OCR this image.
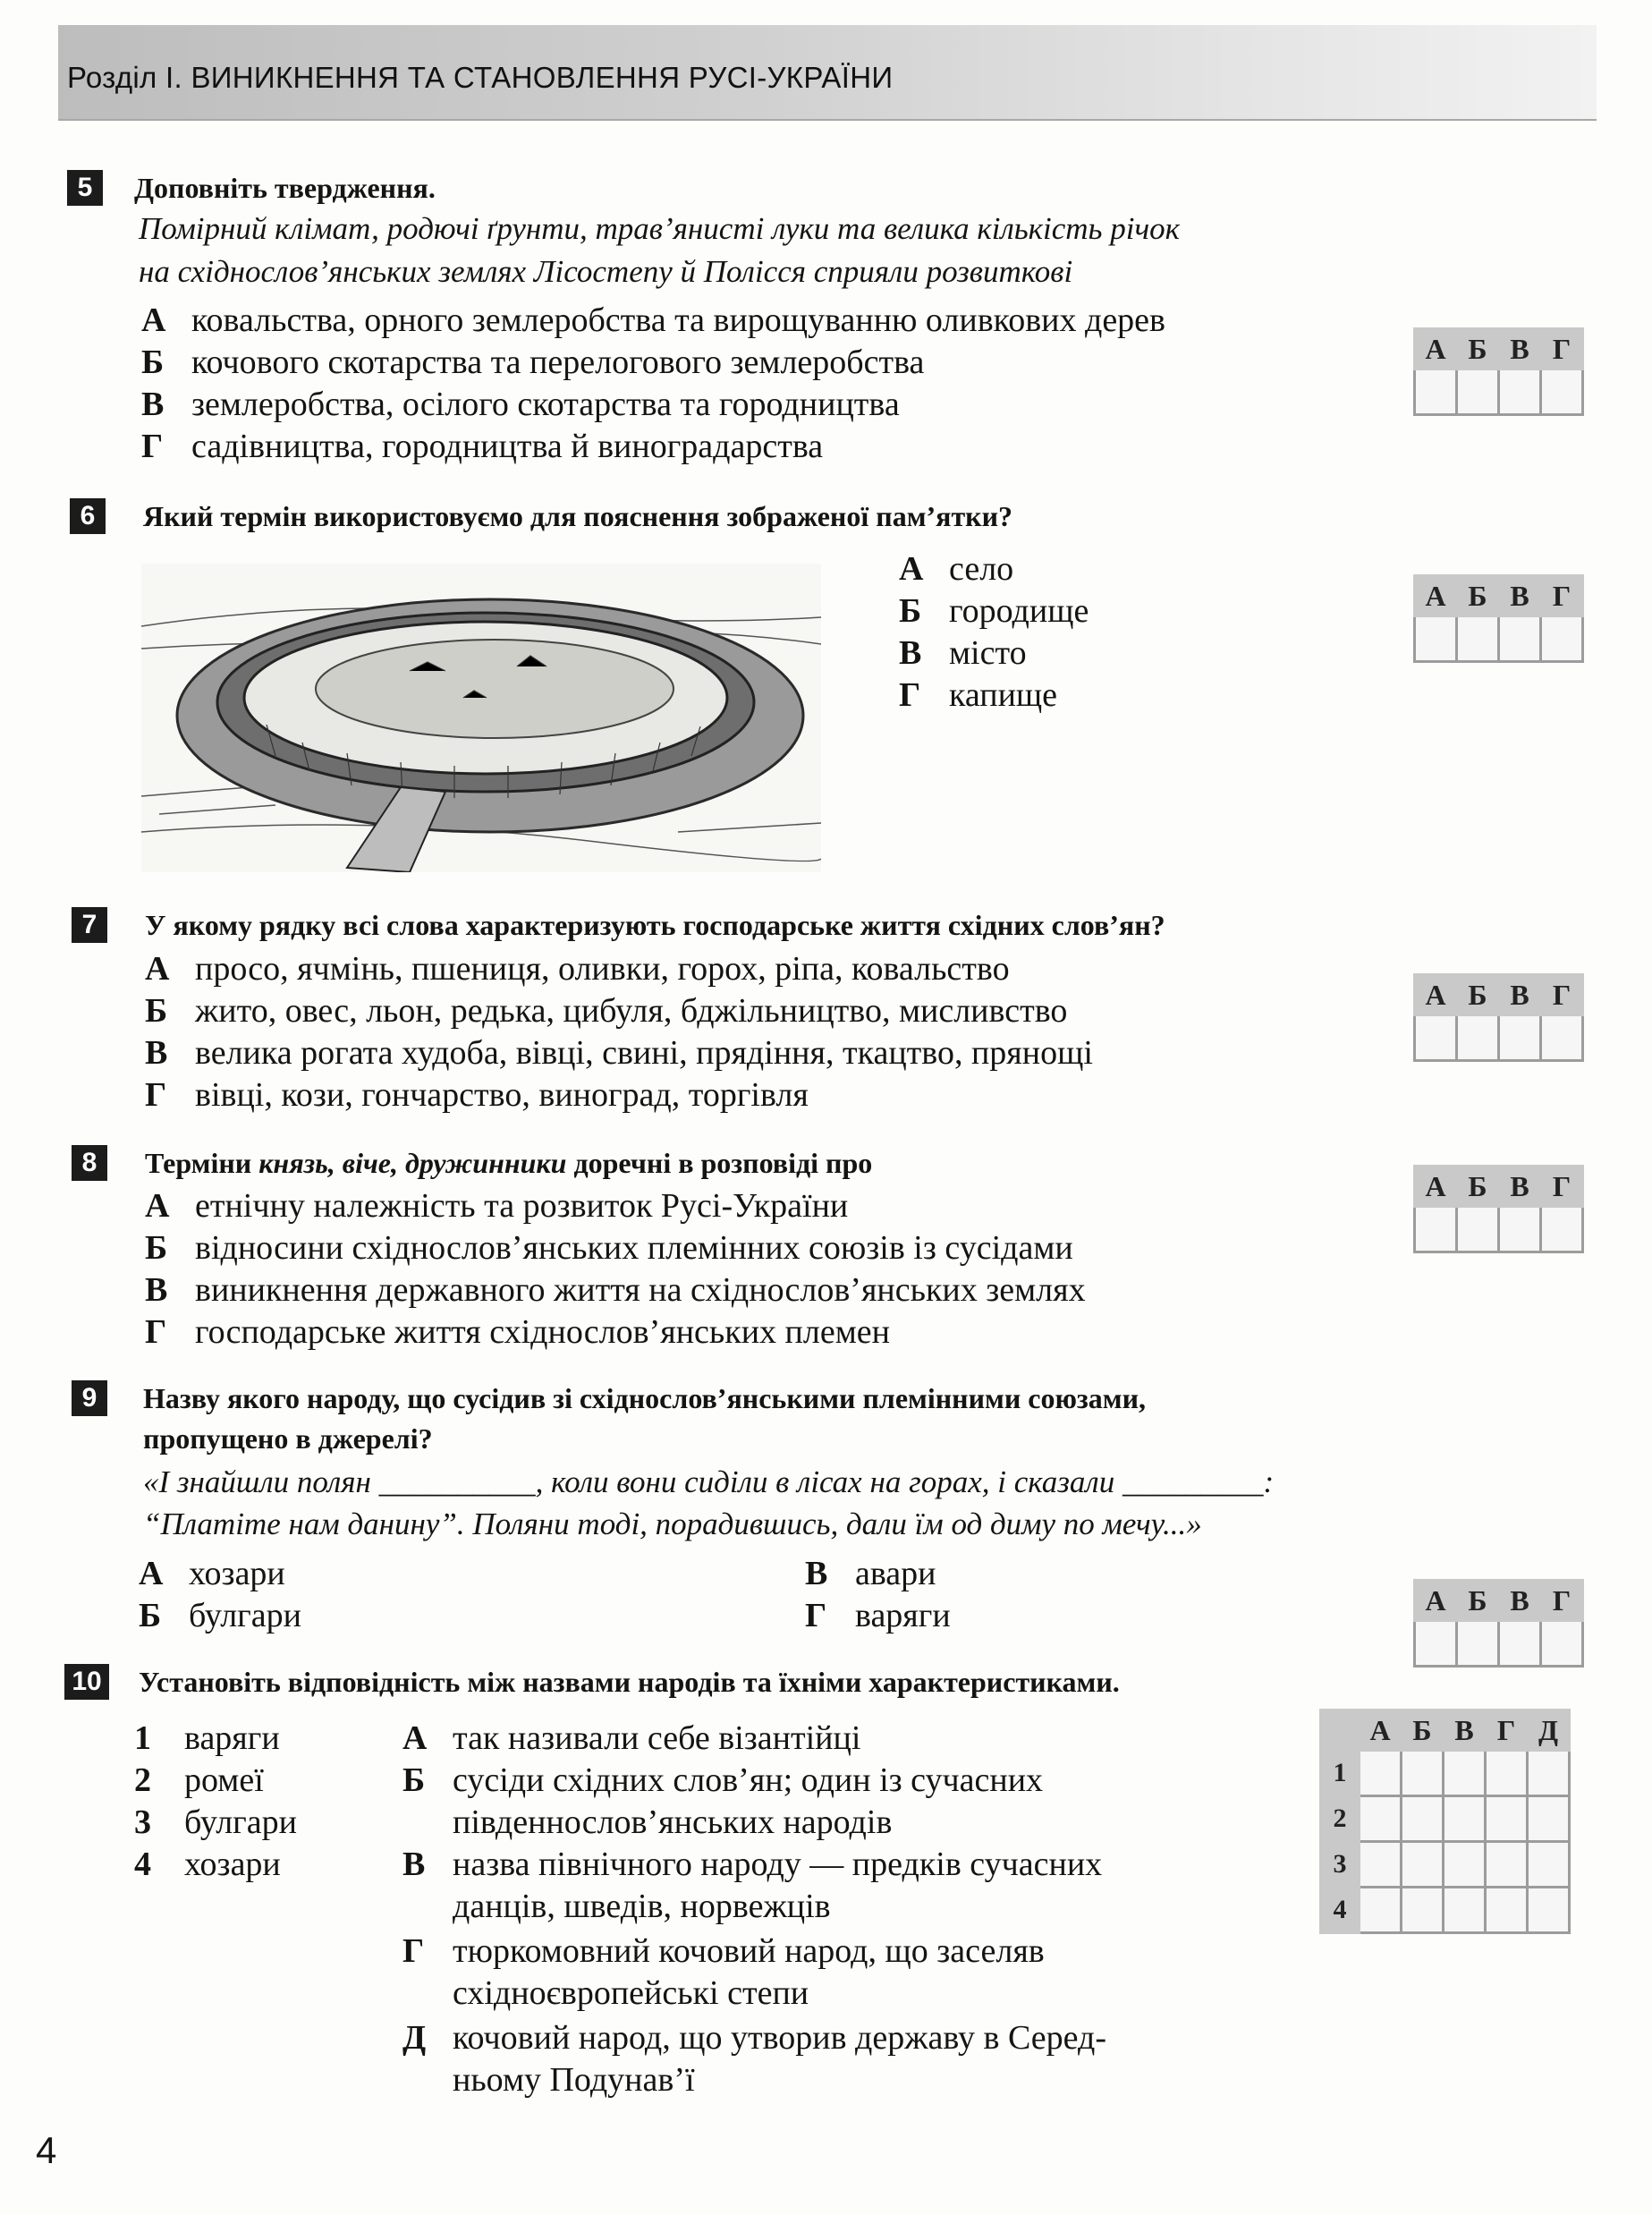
Розділ І. ВИНИКНЕННЯ ТА СТАНОВЛЕННЯ РУСІ-УКРАЇНИ
5	Доповніть твердження.
Помірний клімат, родючі ґрунти, трав’янисті луки та велика кількість річок
на східнослов’янських землях Лісостепу й Полісся сприяли розвиткові
А ковальства, орного землеробства та вирощуванню оливкових дерев
Б кочового скотарства та перелогового землеробства
В землеробства, осілого скотарства та городництва
Г садівництва, городництва й виноградарства
А	Б	В	Г

6	Який термін використовуємо для пояснення зображеної пам’ятки?
А село
Б городище
В місто
Г капище
А	Б	В	Г

7	У якому рядку всі слова характеризують господарське життя східних слов’ян?
А просо, ячмінь, пшениця, оливки, горох, ріпа, ковальство
Б жито, овес, льон, редька, цибуля, бджільництво, мисливство
В велика рогата худоба, вівці, свині, прядіння, ткацтво, прянощі
Г вівці, кози, гончарство, виноград, торгівля
А	Б	В	Г

8	Терміни князь, віче, дружинники доречні в розповіді про
А етнічну належність та розвиток Русі-України
Б відносини східнослов’янських племінних союзів із сусідами
В виникнення державного життя на східнослов’янських землях
Г господарське життя східнослов’янських племен
А	Б	В	Г

9	Назву якого народу, що сусідив зі східнослов’янськими племінними союзами,
пропущено в джерелі?
«І знайшли полян __________, коли вони сиділи в лісах на горах, і сказали _________:
“Платіте нам данину”. Поляни тоді, порадившись, дали їм од диму по мечу...»
А хозари
Б булгари
В авари
Г варяги	А	Б	В	Г

10 Установіть відповідність між назвами народів та їхніми характеристиками.
1 варяги
2 ромеї
3 булгари
4 хозари
А так називали себе візантійці
Б сусіди східних слов’ян; один із сучасних
південнослов’янських народів
В назва північного народу — предків сучасних
данців, шведів, норвежців
Г тюркомовний кочовий народ, що заселяв
східноєвропейські степи
Д кочовий народ, що утворив державу в Серед-
ньому Подунав’ї
	А	Б	В	Г	Д
1					
2					
3					
4					
4
